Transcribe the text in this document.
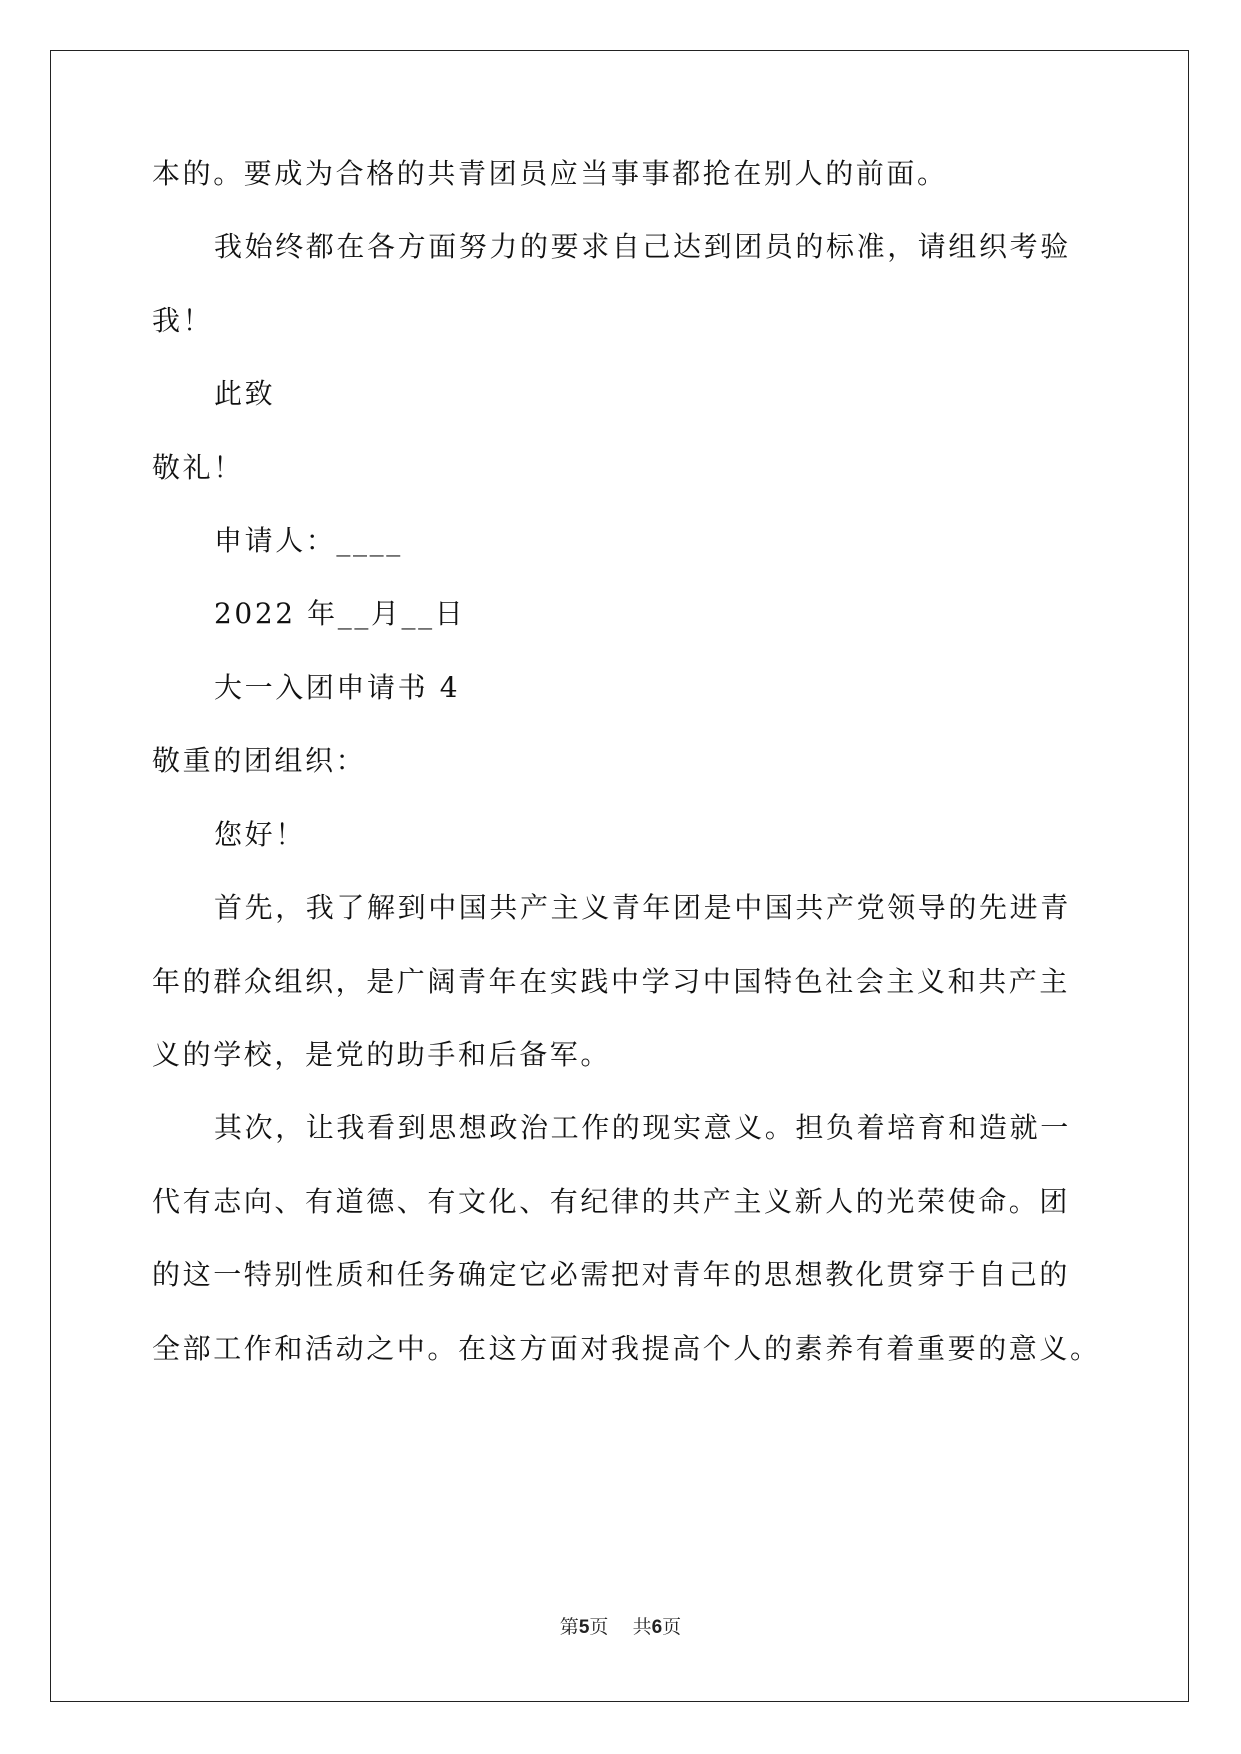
本的。要成为合格的共青团员应当事事都抢在别人的前面。
我始终都在各方面努力的要求自己达到团员的标准，请组织考验
我！
此致
敬礼！
申请人：____
2022 年__月__日
大一入团申请书 4
敬重的团组织：
您好！
首先，我了解到中国共产主义青年团是中国共产党领导的先进青
年的群众组织，是广阔青年在实践中学习中国特色社会主义和共产主
义的学校，是党的助手和后备军。
其次，让我看到思想政治工作的现实意义。担负着培育和造就一
代有志向、有道德、有文化、有纪律的共产主义新人的光荣使命。团
的这一特别性质和任务确定它必需把对青年的思想教化贯穿于自己的
全部工作和活动之中。在这方面对我提高个人的素养有着重要的意义。
第5页 共6页
